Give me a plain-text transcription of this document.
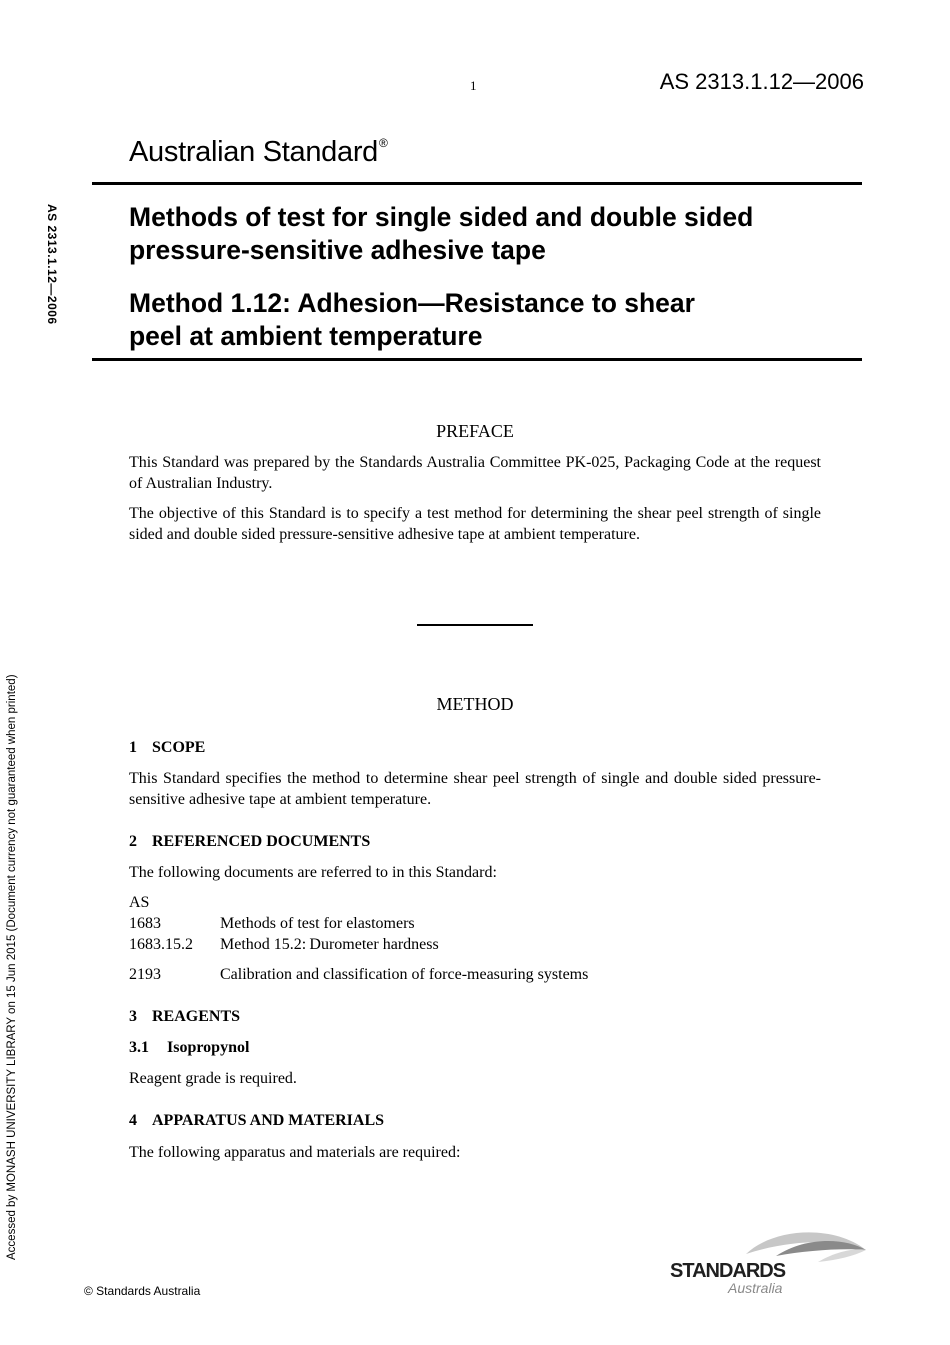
1	AS 2313.1.12—2006
Australian Standard®
Methods of test for single sided and double sided
pressure-sensitive adhesive tape
Method 1.12: Adhesion—Resistance to shear
peel at ambient temperature
AS 2313.1.12—2006
Accessed by MONASH UNIVERSITY LIBRARY on 15 Jun 2015 (Document currency not guaranteed when printed)
PREFACE
This Standard was prepared by the Standards Australia Committee PK-025, Packaging Code at the request of Australian Industry.
The objective of this Standard is to specify a test method for determining the shear peel strength of single sided and double sided pressure-sensitive adhesive tape at ambient temperature.
METHOD
1 SCOPE
This Standard specifies the method to determine shear peel strength of single and double sided pressure-sensitive adhesive tape at ambient temperature.
2 REFERENCED DOCUMENTS
The following documents are referred to in this Standard:
AS
1683	Methods of test for elastomers
1683.15.2	Method 15.2: Durometer hardness
2193	Calibration and classification of force-measuring systems
3 REAGENTS
3.1 Isopropynol
Reagent grade is required.
4 APPARATUS AND MATERIALS
The following apparatus and materials are required:
© Standards Australia
STANDARDS
Australia
